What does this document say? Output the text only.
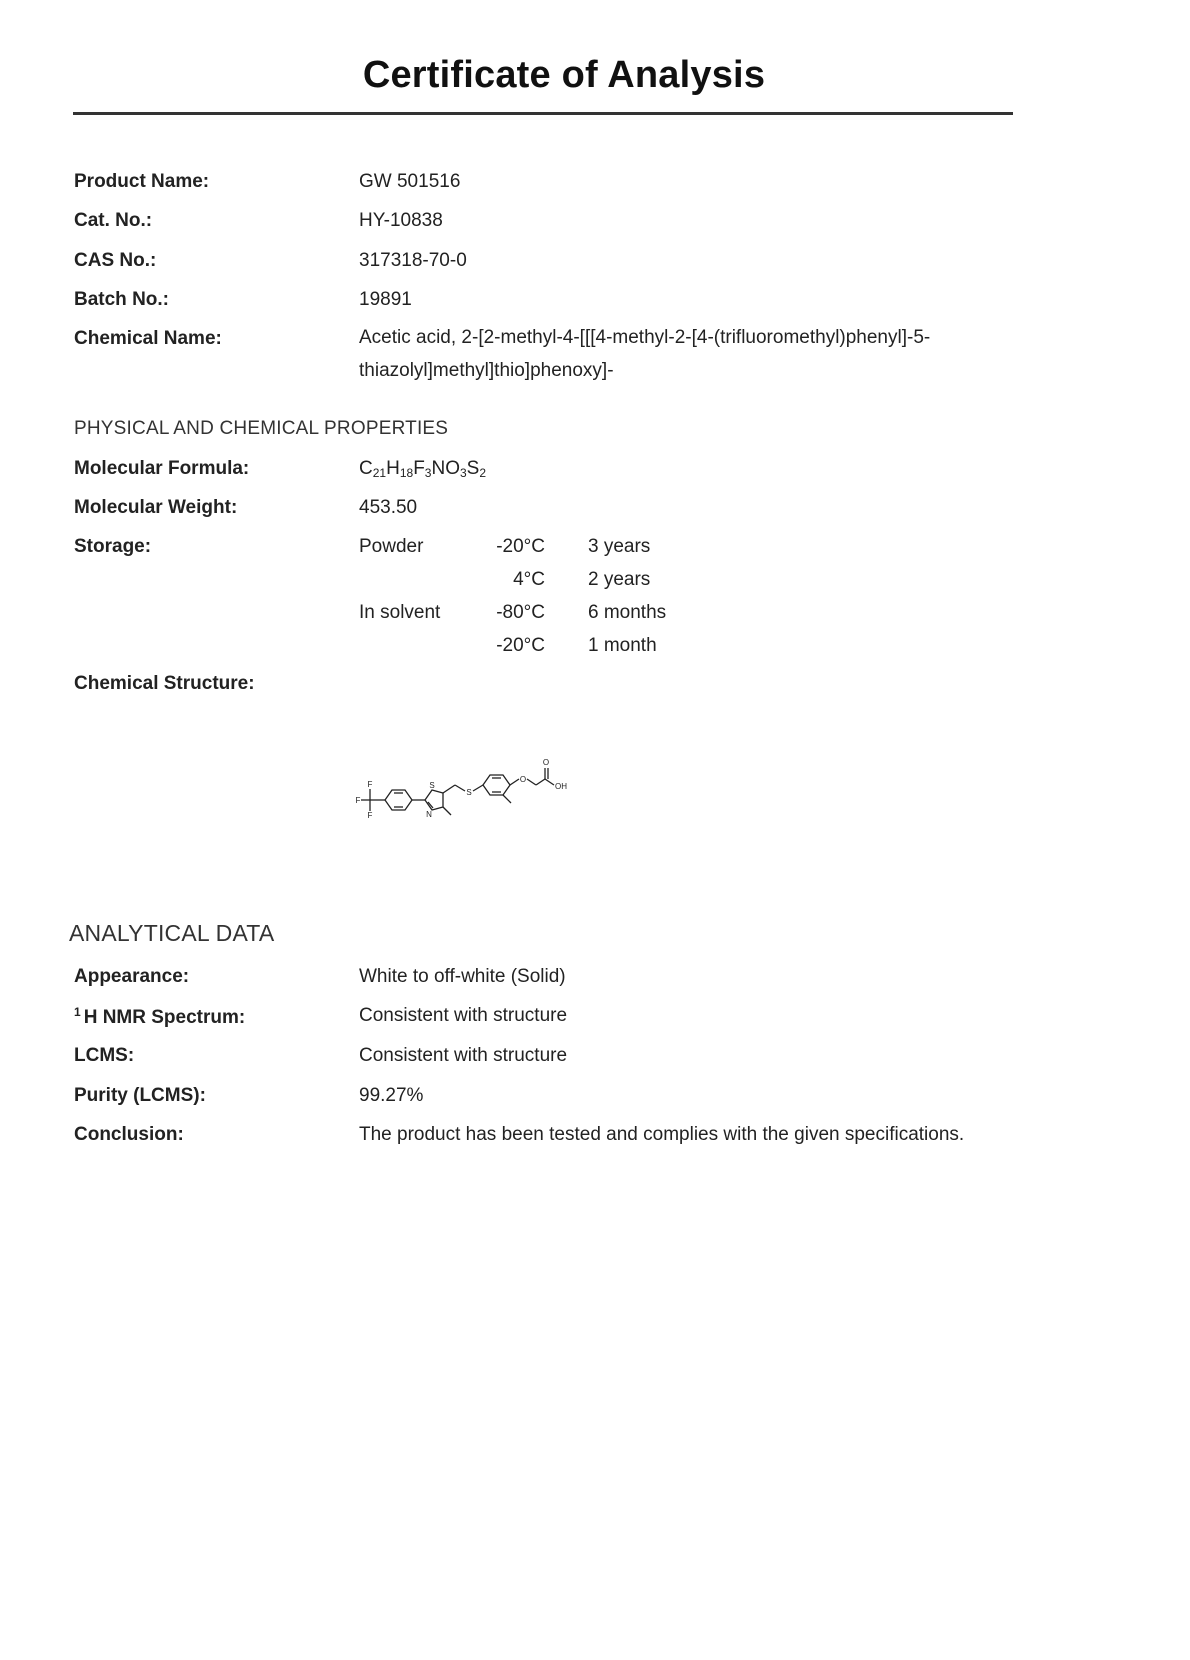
Certificate of Analysis
Product Name:	GW 501516
Cat. No.:	HY-10838
CAS No.:	317318-70-0
Batch No.:	19891
Chemical Name:	Acetic acid, 2-[2-methyl-4-[[[4-methyl-2-[4-(trifluoromethyl)phenyl]-5-
thiazolyl]methyl]thio]phenoxy]-
PHYSICAL AND CHEMICAL PROPERTIES
Molecular Formula:	$C_{21}H_{18}F_3NO_3S_2$
Molecular Weight:	453.50
Storage:	Powder	-20°C 3 years
4°C 2 years
In solvent	-80°C 6 months
-20°C 1 month
Chemical Structure:
F
F
F
S
N
S
O
O
OH
ANALYTICAL DATA
Appearance:	White to off-white (Solid)
$^1$ H NMR Spectrum:	Consistent with structure
LCMS:	Consistent with structure
Purity (LCMS):	99.27%
Conclusion:	The product has been tested and complies with the given specifications.
